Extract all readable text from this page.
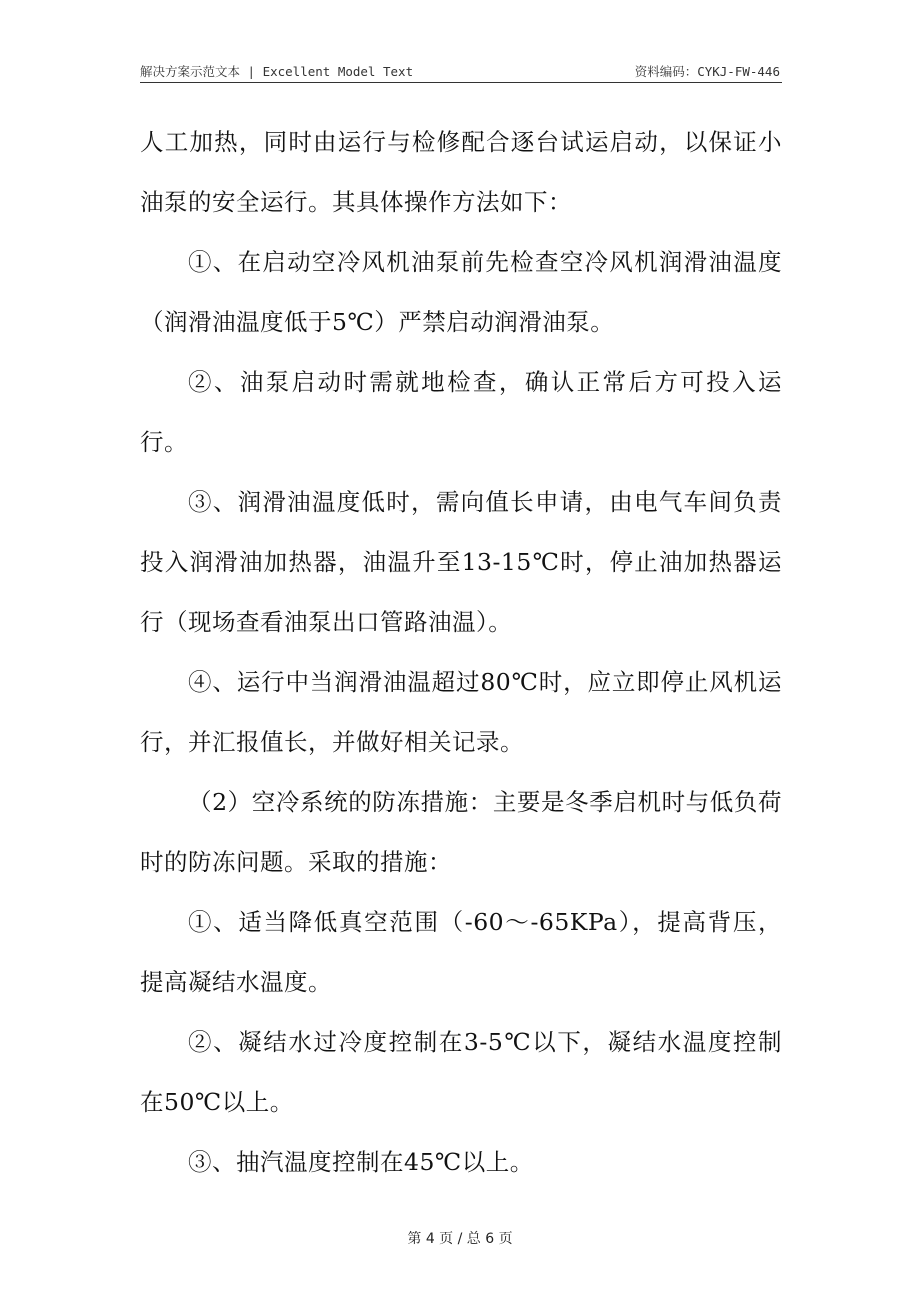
解决方案示范文本 | Excellent Model Text	资料编码：CYKJ-FW-446

人工加热，同时由运行与检修配合逐台试运启动，以保证小油泵的安全运行。其具体操作方法如下：

①、在启动空冷风机油泵前先检查空冷风机润滑油温度（润滑油温度低于5℃）严禁启动润滑油泵。

②、油泵启动时需就地检查，确认正常后方可投入运行。

③、润滑油温度低时，需向值长申请，由电气车间负责投入润滑油加热器，油温升至13-15℃时，停止油加热器运行（现场查看油泵出口管路油温）。

④、运行中当润滑油温超过80℃时，应立即停止风机运行，并汇报值长，并做好相关记录。

（2）空冷系统的防冻措施：主要是冬季启机时与低负荷时的防冻问题。采取的措施：

①、适当降低真空范围（-60～-65KPa），提高背压，提高凝结水温度。

②、凝结水过冷度控制在3-5℃以下，凝结水温度控制在50℃以上。

③、抽汽温度控制在45℃以上。

第 4 页 / 总 6 页
